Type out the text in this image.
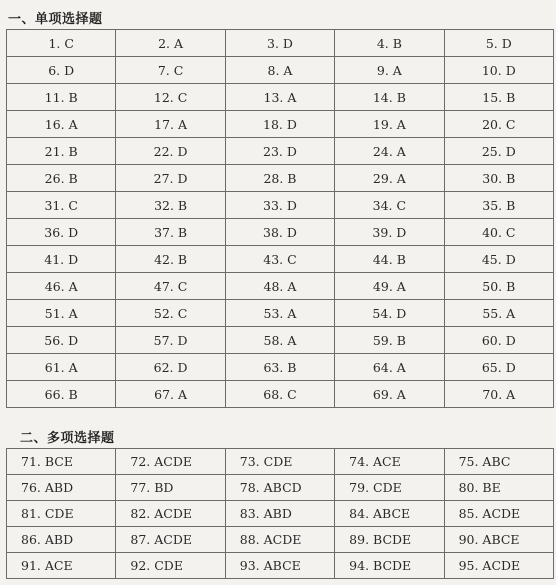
一、单项选择题
1. C	2. A	3. D	4. B	5. D
6. D	7. C	8. A	9. A	10. D
11. B	12. C	13. A	14. B	15. B
16. A	17. A	18. D	19. A	20. C
21. B	22. D	23. D	24. A	25. D
26. B	27. D	28. B	29. A	30. B
31. C	32. B	33. D	34. C	35. B
36. D	37. B	38. D	39. D	40. C
41. D	42. B	43. C	44. B	45. D
46. A	47. C	48. A	49. A	50. B
51. A	52. C	53. A	54. D	55. A
56. D	57. D	58. A	59. B	60. D
61. A	62. D	63. B	64. A	65. D
66. B	67. A	68. C	69. A	70. A
二、多项选择题
71. BCE	72. ACDE	73. CDE	74. ACE	75. ABC
76. ABD	77. BD	78. ABCD	79. CDE	80. BE
81. CDE	82. ACDE	83. ABD	84. ABCE	85. ACDE
86. ABD	87. ACDE	88. ACDE	89. BCDE	90. ABCE
91. ACE	92. CDE	93. ABCE	94. BCDE	95. ACDE
